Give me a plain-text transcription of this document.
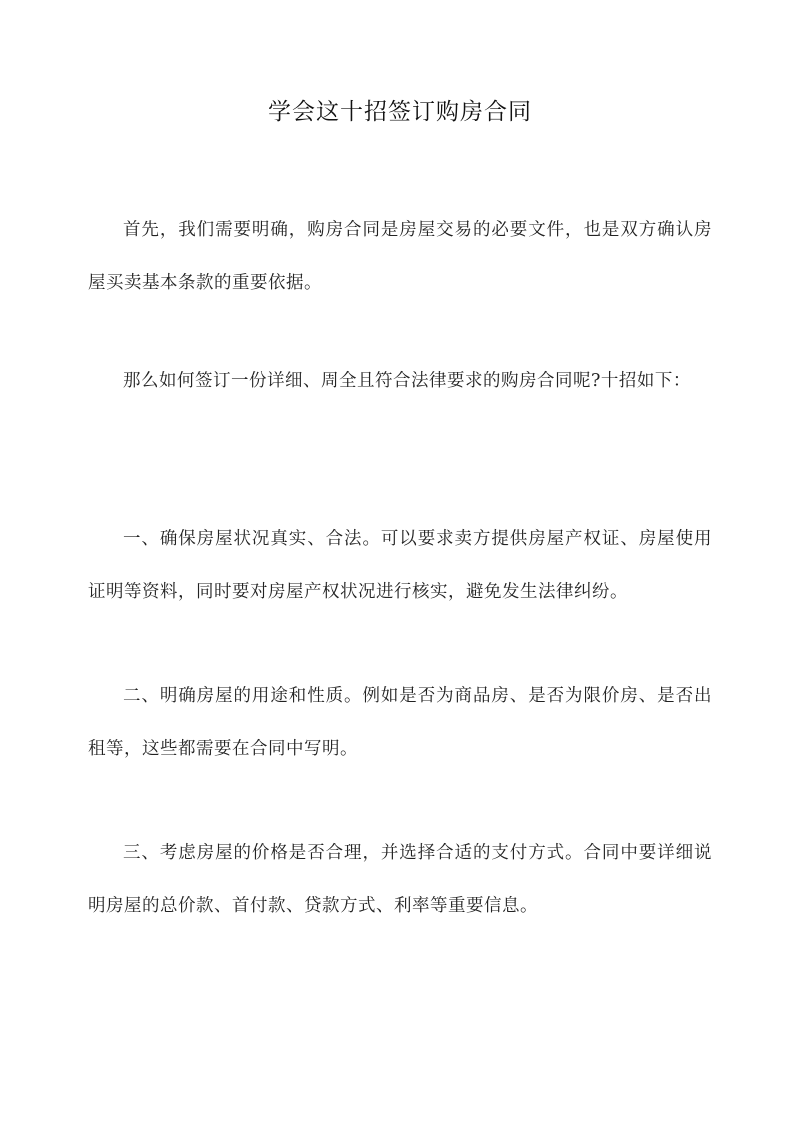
学会这十招签订购房合同

首先，我们需要明确，购房合同是房屋交易的必要文件，也是双方确认房屋买卖基本条款的重要依据。

那么如何签订一份详细、周全且符合法律要求的购房合同呢?十招如下：

一、确保房屋状况真实、合法。可以要求卖方提供房屋产权证、房屋使用证明等资料，同时要对房屋产权状况进行核实，避免发生法律纠纷。

二、明确房屋的用途和性质。例如是否为商品房、是否为限价房、是否出租等，这些都需要在合同中写明。

三、考虑房屋的价格是否合理，并选择合适的支付方式。合同中要详细说明房屋的总价款、首付款、贷款方式、利率等重要信息。
